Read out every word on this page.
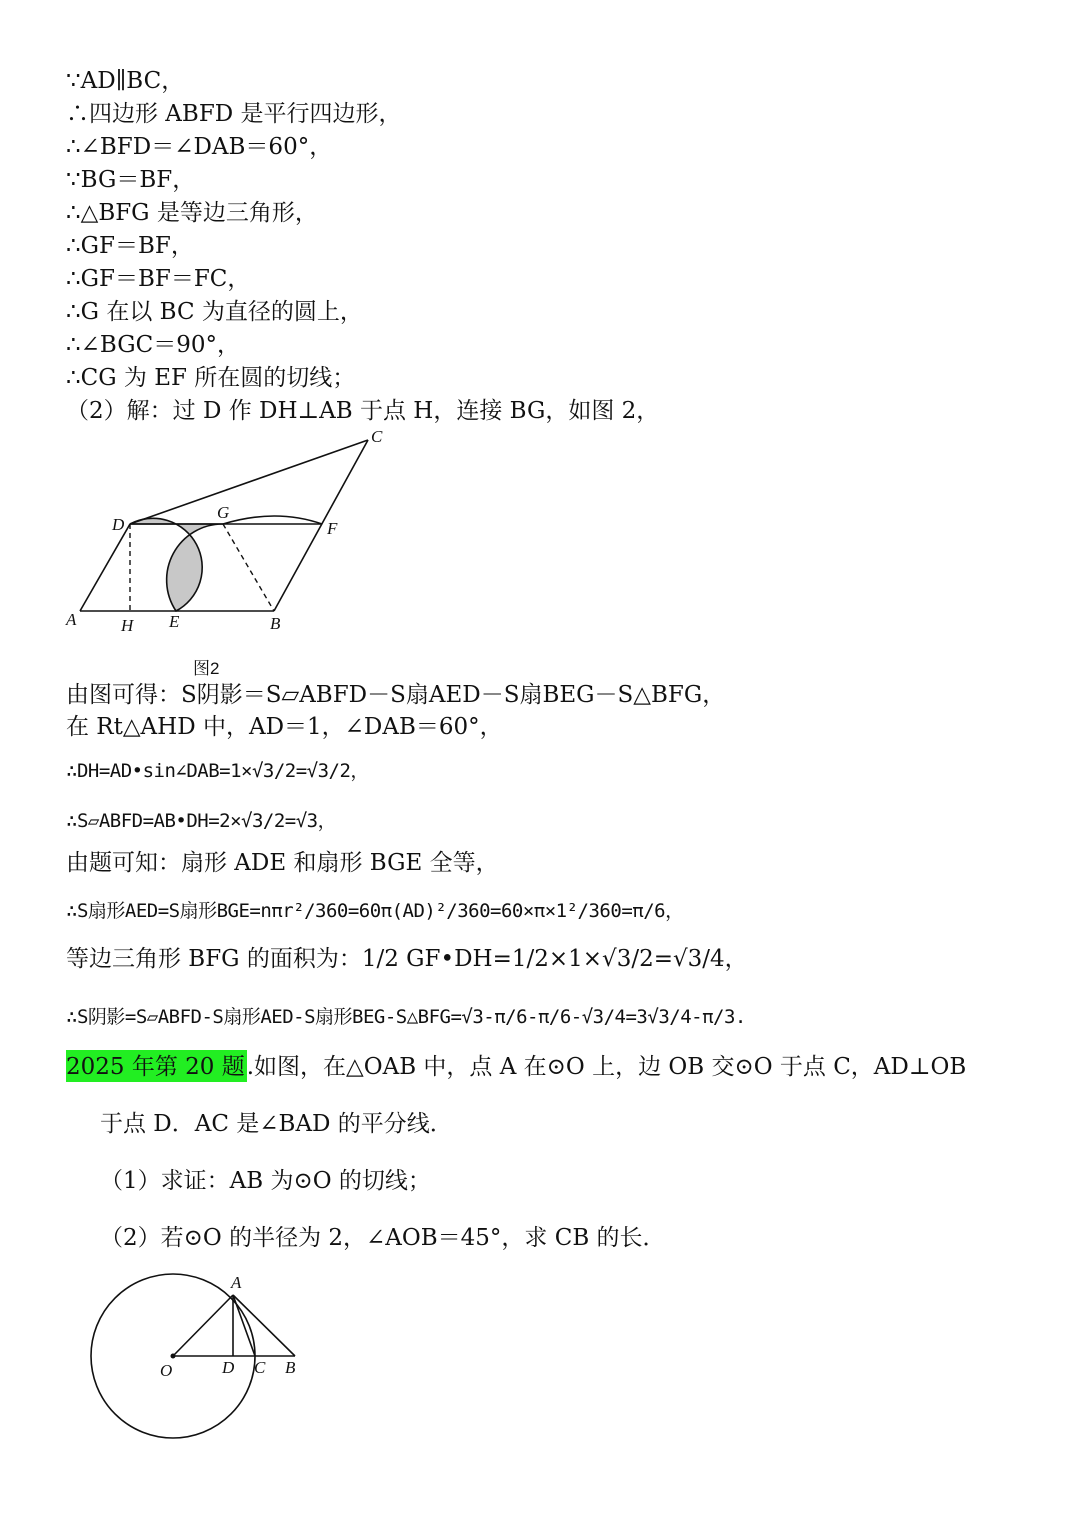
∵AD∥BC，
∴四边形 ABFD 是平行四边形，
∴∠BFD＝∠DAB＝60°，
∵BG＝BF，
∴△BFG 是等边三角形，
∴GF＝BF，
∴GF＝BF＝FC，
∴G 在以 BC 为直径的圆上，
∴∠BGC＝90°，
∴CG 为 EF 所在圆的切线；
（2）解：过 D 作 DH⊥AB 于点 H，连接 BG，如图 2，
A	H E	B
D
G
F
C
图2
由图可得：S阴影＝S▱ABFD－S扇AED－S扇BEG－S△BFG，
在 Rt△AHD 中，AD＝1，∠DAB＝60°，
∴DH=AD•sin∠DAB=1×√3/2=√3/2，
∴S▱ABFD=AB•DH=2×√3/2=√3，
由题可知：扇形 ADE 和扇形 BGE 全等，
∴S扇形AED=S扇形BGE=nπr²/360=60π(AD)²/360=60×π×1²/360=π/6，
等边三角形 BFG 的面积为：1/2 GF•DH=1/2×1×√3/2=√3/4，
∴S阴影=S▱ABFD-S扇形AED-S扇形BEG-S△BFG=√3-π/6-π/6-√3/4=3√3/4-π/3.
2025 年第 20 题.如图，在△OAB 中，点 A 在⊙O 上，边 OB 交⊙O 于点 C，AD⊥OB
于点 D．AC 是∠BAD 的平分线．
（1）求证：AB 为⊙O 的切线；
（2）若⊙O 的半径为 2，∠AOB＝45°，求 CB 的长．
A
O	D C B
